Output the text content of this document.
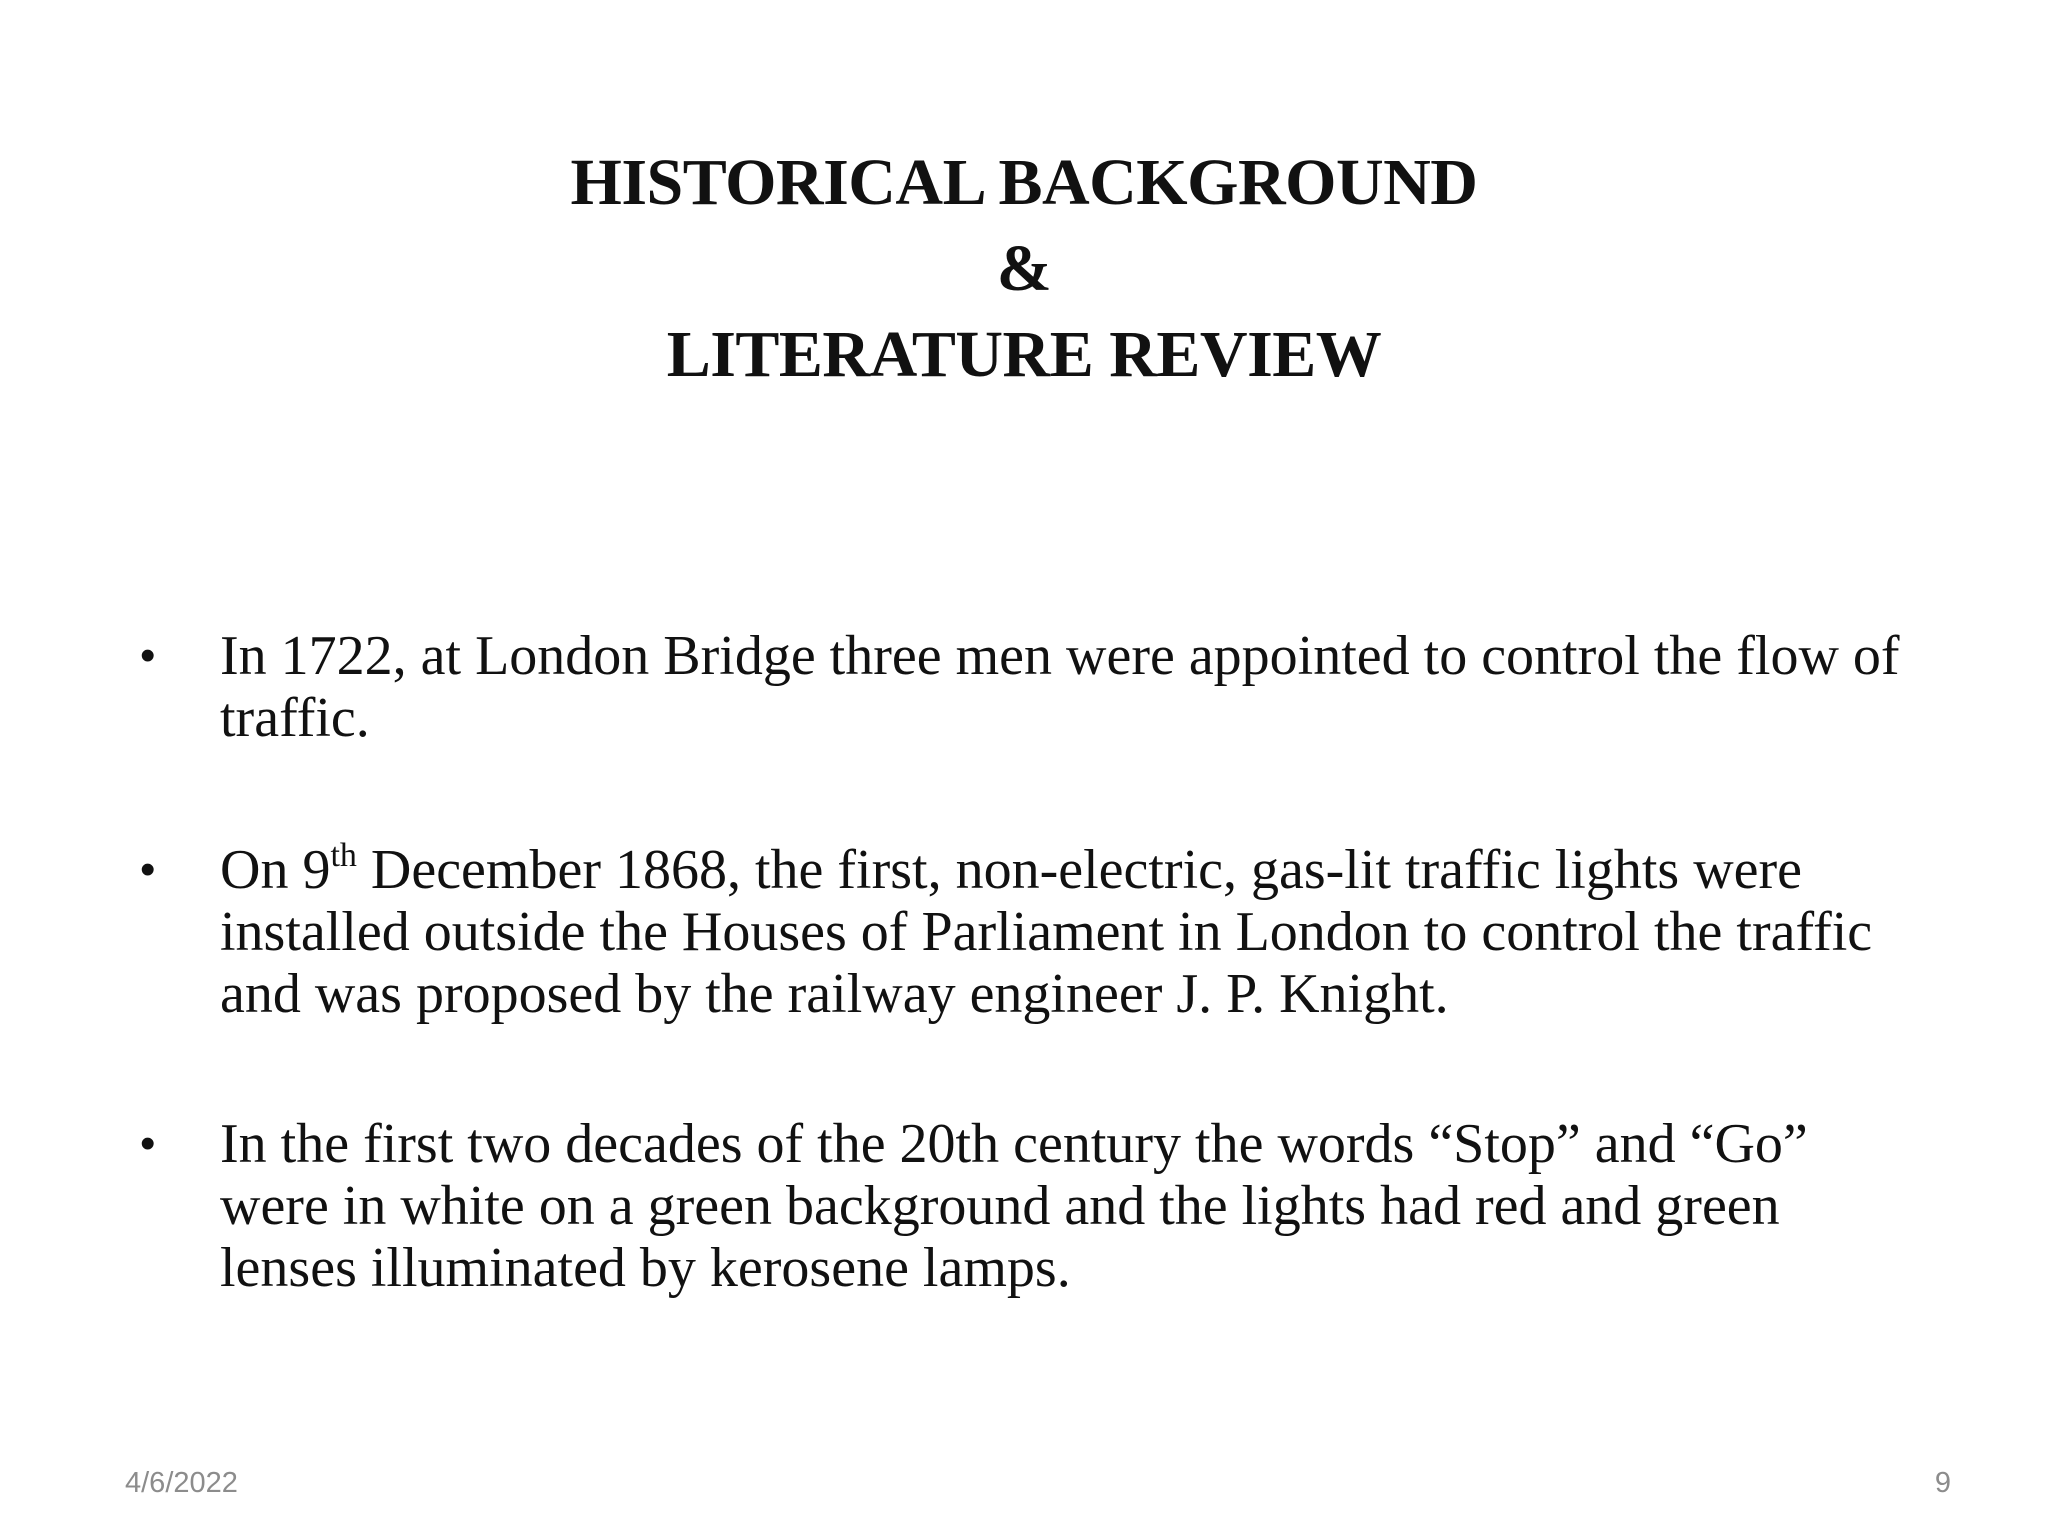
HISTORICAL BACKGROUND
&
LITERATURE REVIEW
•	In 1722, at London Bridge three men were appointed to control the flow of traffic.
•	On 9th December 1868, the first, non-electric, gas-lit traffic lights were installed outside the Houses of Parliament in London to control the traffic and was proposed by the railway engineer J. P. Knight.
•	In the first two decades of the 20th century the words “Stop” and “Go” were in white on a green background and the lights had red and green lenses illuminated by kerosene lamps.
4/6/2022	9
